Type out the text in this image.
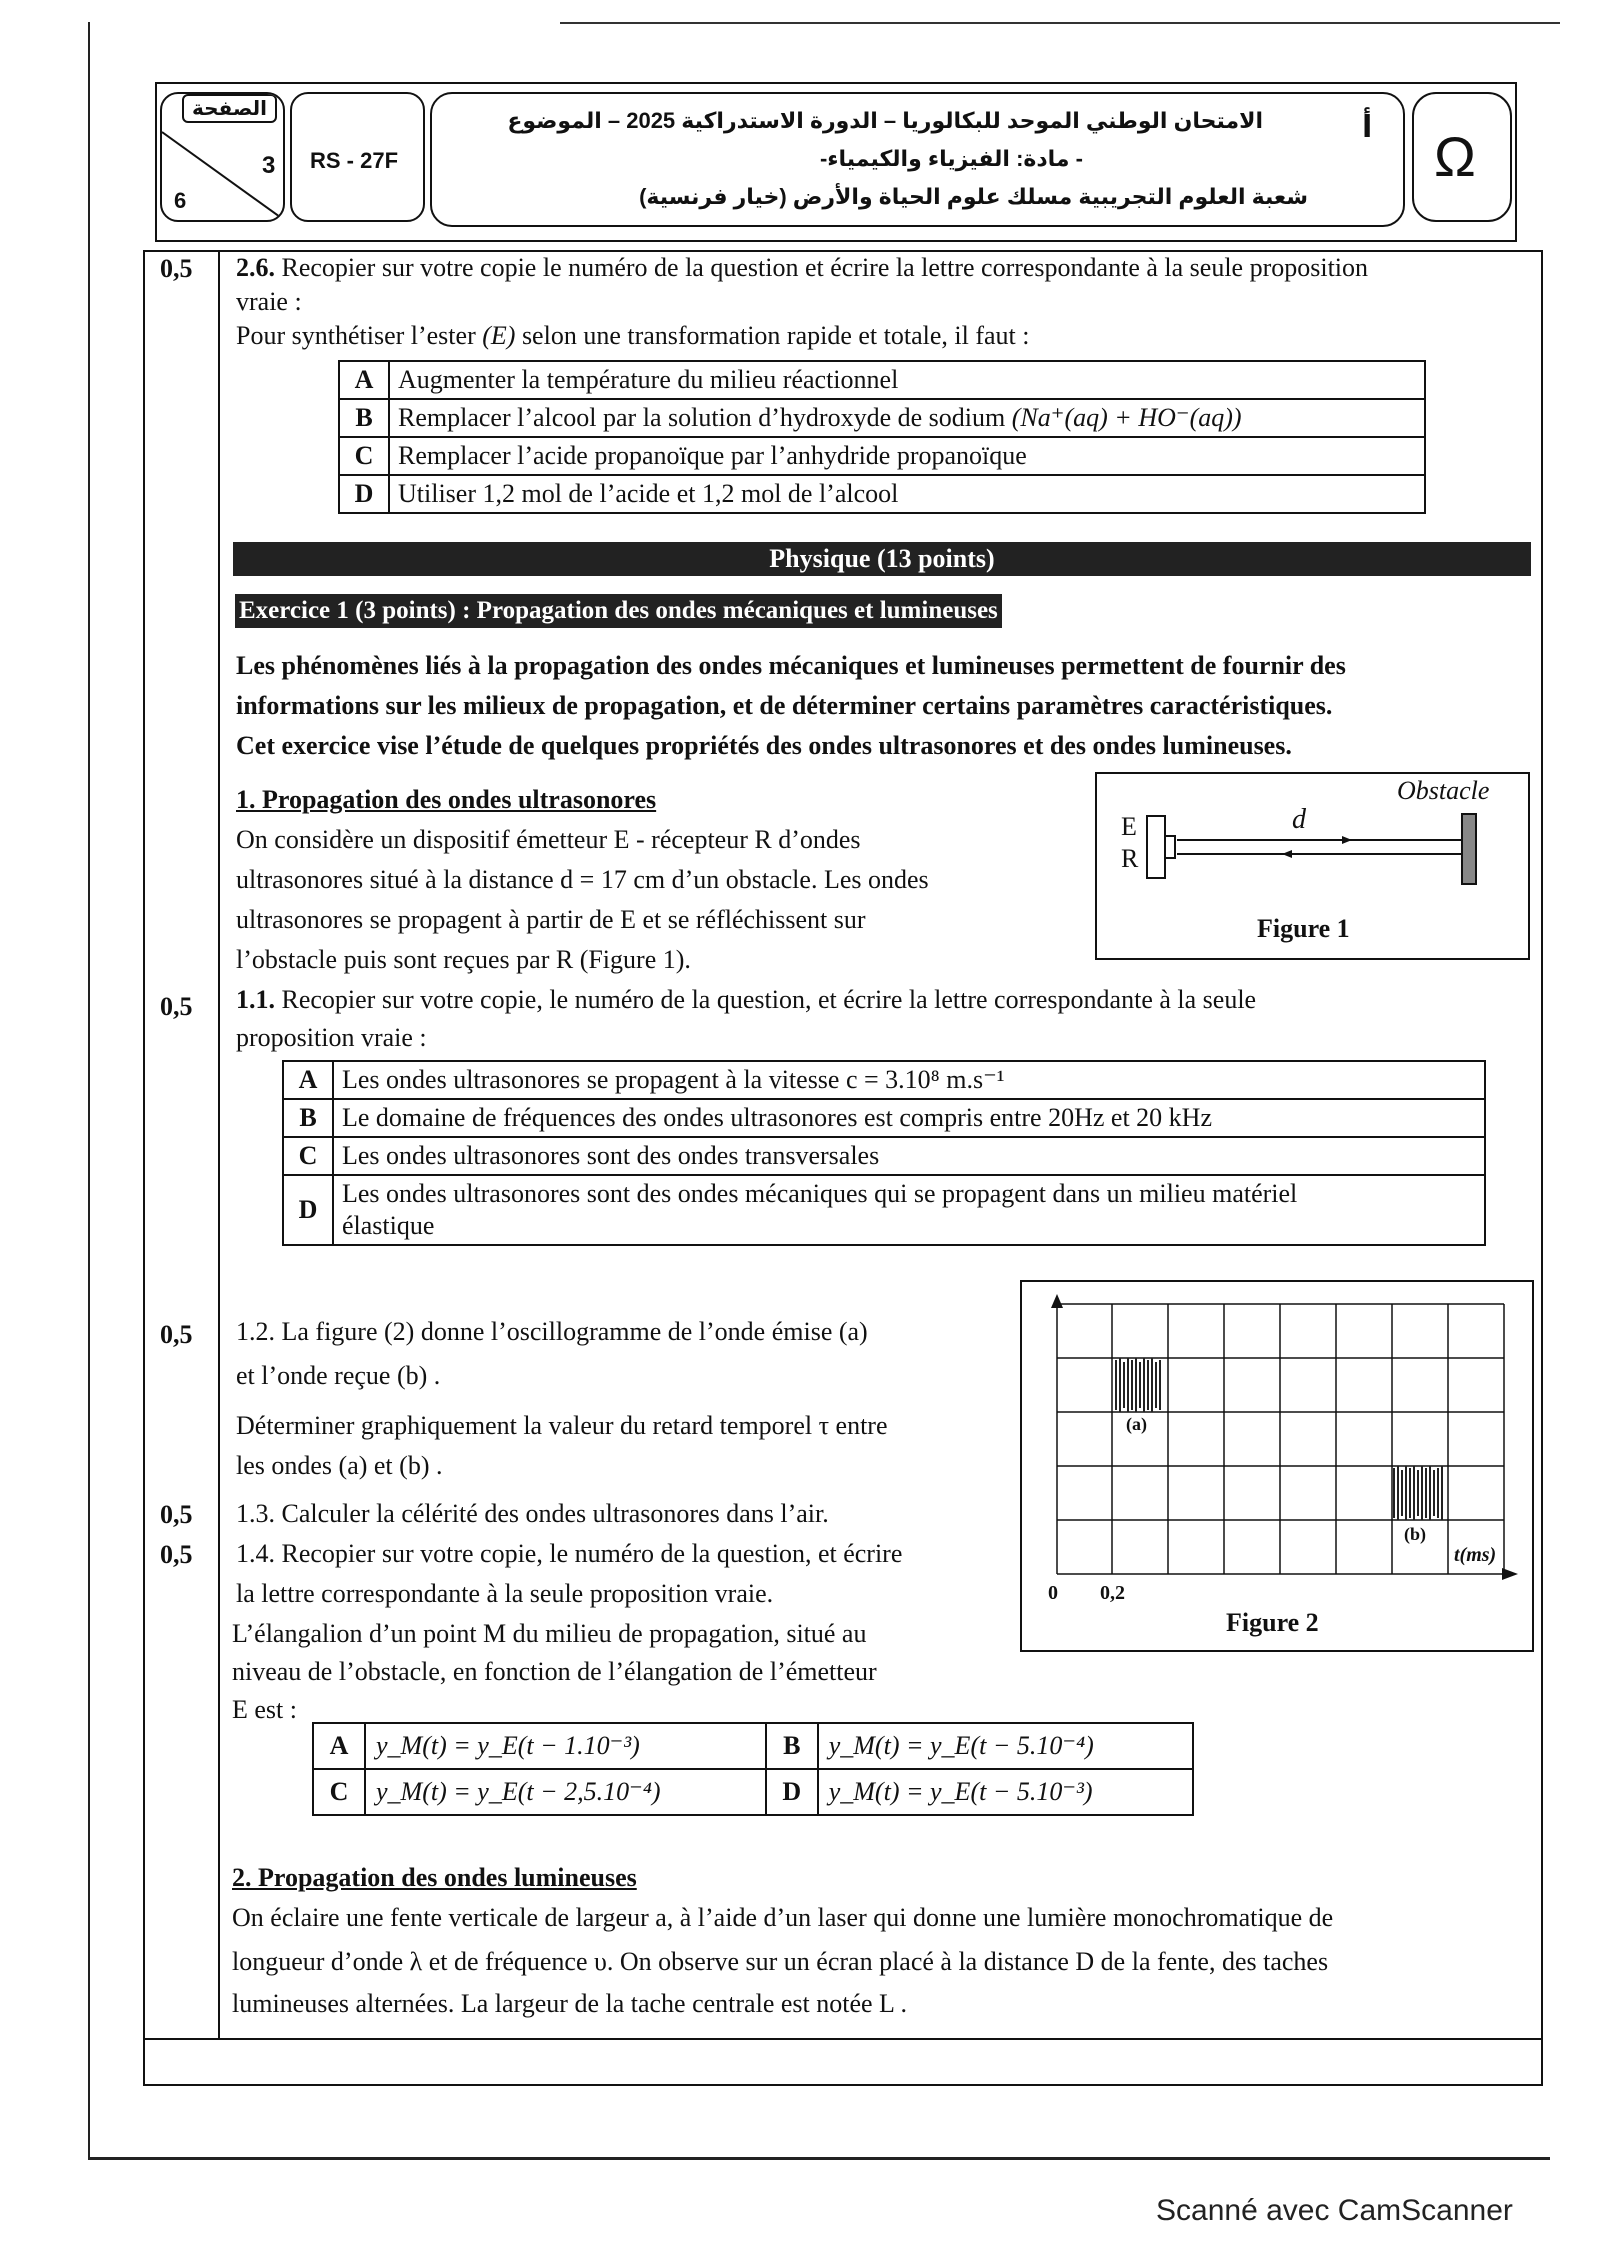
الصفحة
3
6
RS - 27F
الامتحان الوطني الموحد للبكالوريا – الدورة الاستدراكية 2025 – الموضوع
- مادة: الفيزياء والكيمياء-
شعبة العلوم التجريبية مسلك علوم الحياة والأرض (خيار فرنسية)
أ Ω
0,5 2.6. Recopier sur votre copie le numéro de la question et écrire la lettre correspondante à la seule proposition
vraie :
Pour synthétiser l’ester (E) selon une transformation rapide et totale, il faut :
A	Augmenter la température du milieu réactionnel
B	Remplacer l’alcool par la solution d’hydroxyde de sodium (Na⁺(aq) + HO⁻(aq))
C	Remplacer l’acide propanoïque par l’anhydride propanoïque
D	Utiliser 1,2 mol de l’acide et 1,2 mol de l’alcool
Physique (13 points)
Exercice 1 (3 points) : Propagation des ondes mécaniques et lumineuses
Les phénomènes liés à la propagation des ondes mécaniques et lumineuses permettent de fournir des
informations sur les milieux de propagation, et de déterminer certains paramètres caractéristiques.
Cet exercice vise l’étude de quelques propriétés des ondes ultrasonores et des ondes lumineuses.
1. Propagation des ondes ultrasonores
On considère un dispositif émetteur E - récepteur R d’ondes
ultrasonores situé à la distance d = 17 cm d’un obstacle. Les ondes
ultrasonores se propagent à partir de E et se réfléchissent sur
l’obstacle puis sont reçues par R (Figure 1).
E
R
d
Obstacle
Figure 1
0,5 1.1. Recopier sur votre copie, le numéro de la question, et écrire la lettre correspondante à la seule
proposition vraie :
A	Les ondes ultrasonores se propagent à la vitesse c = 3.10⁸ m.s⁻¹
B	Le domaine de fréquences des ondes ultrasonores est compris entre 20Hz et 20 kHz
C	Les ondes ultrasonores sont des ondes transversales
D	Les ondes ultrasonores sont des ondes mécaniques qui se propagent dans un milieu matériel
élastique
0,5 1.2. La figure (2) donne l’oscillogramme de l’onde émise (a)
et l’onde reçue (b) .
Déterminer graphiquement la valeur du retard temporel τ entre
les ondes (a) et (b) .
0,5 1.3. Calculer la célérité des ondes ultrasonores dans l’air.
0,5 1.4. Recopier sur votre copie, le numéro de la question, et écrire
la lettre correspondante à la seule proposition vraie.
L’élangalion d’un point M du milieu de propagation, situé au
niveau de l’obstacle, en fonction de l’élangation de l’émetteur
E est :
A	y_M(t) = y_E(t − 1.10⁻³)	B	y_M(t) = y_E(t − 5.10⁻⁴)
C	y_M(t) = y_E(t − 2,5.10⁻⁴)	D	y_M(t) = y_E(t − 5.10⁻³)
(a)
(b)
0 0,2
t(ms)
Figure 2
2. Propagation des ondes lumineuses
On éclaire une fente verticale de largeur a, à l’aide d’un laser qui donne une lumière monochromatique de
longueur d’onde λ et de fréquence υ. On observe sur un écran placé à la distance D de la fente, des taches
lumineuses alternées. La largeur de la tache centrale est notée L .
Scanné avec CamScanner
